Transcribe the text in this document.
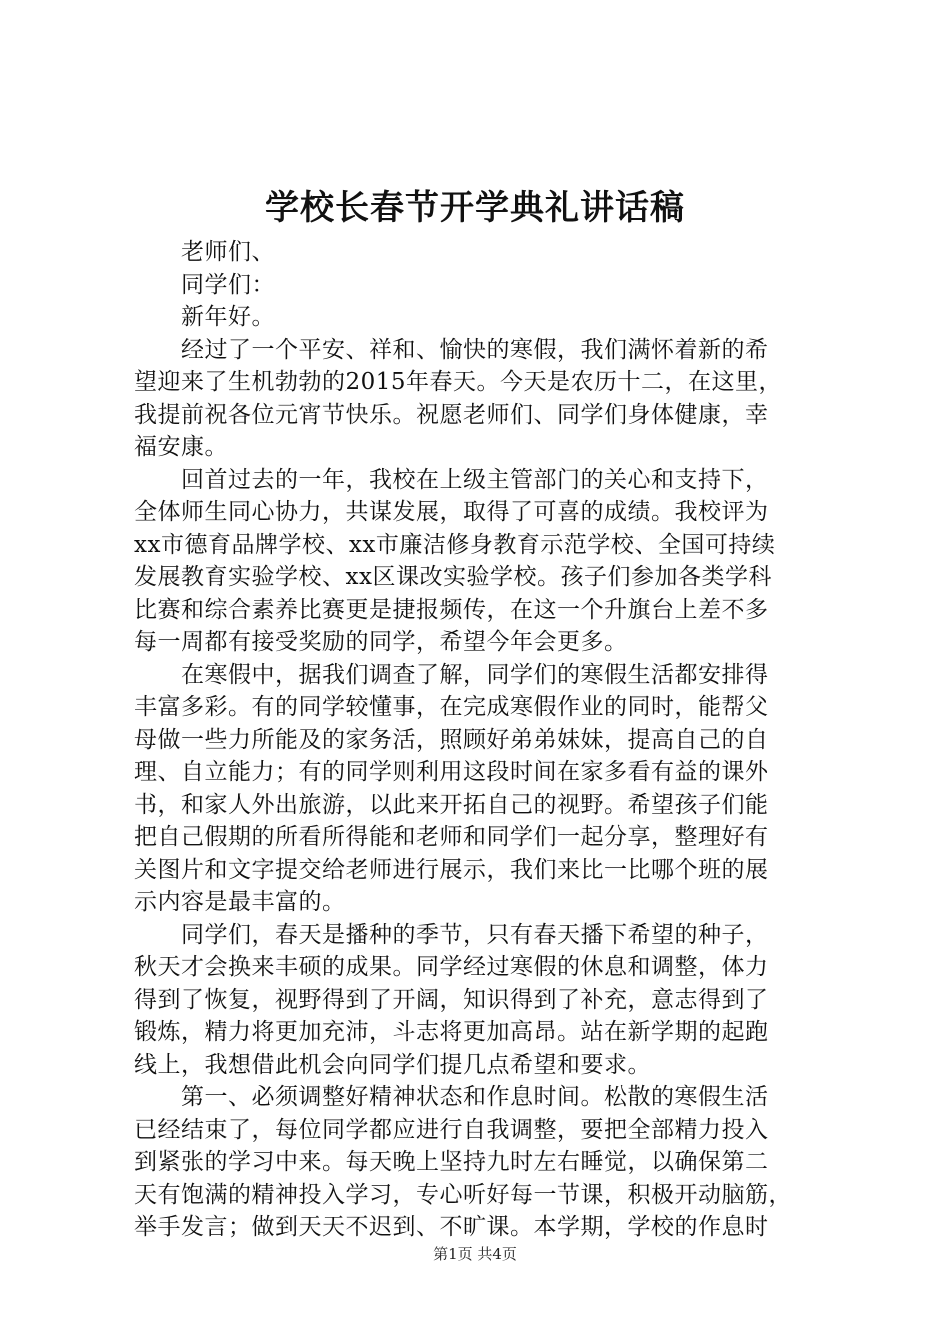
学校长春节开学典礼讲话稿
　　老师们、
　　同学们：
　　新年好。
　　经过了一个平安、祥和、愉快的寒假，我们满怀着新的希
望迎来了生机勃勃的2015年春天。今天是农历十二，在这里，
我提前祝各位元宵节快乐。祝愿老师们、同学们身体健康，幸
福安康。
　　回首过去的一年，我校在上级主管部门的关心和支持下，
全体师生同心协力，共谋发展，取得了可喜的成绩。我校评为
xx市德育品牌学校、xx市廉洁修身教育示范学校、全国可持续
发展教育实验学校、xx区课改实验学校。孩子们参加各类学科
比赛和综合素养比赛更是捷报频传，在这一个升旗台上差不多
每一周都有接受奖励的同学，希望今年会更多。
　　在寒假中，据我们调查了解，同学们的寒假生活都安排得
丰富多彩。有的同学较懂事，在完成寒假作业的同时，能帮父
母做一些力所能及的家务活，照顾好弟弟妹妹，提高自己的自
理、自立能力；有的同学则利用这段时间在家多看有益的课外
书，和家人外出旅游，以此来开拓自己的视野。希望孩子们能
把自己假期的所看所得能和老师和同学们一起分享，整理好有
关图片和文字提交给老师进行展示，我们来比一比哪个班的展
示内容是最丰富的。
　　同学们，春天是播种的季节，只有春天播下希望的种子，
秋天才会换来丰硕的成果。同学经过寒假的休息和调整，体力
得到了恢复，视野得到了开阔，知识得到了补充，意志得到了
锻炼，精力将更加充沛，斗志将更加高昂。站在新学期的起跑
线上，我想借此机会向同学们提几点希望和要求。
　　第一、必须调整好精神状态和作息时间。松散的寒假生活
已经结束了，每位同学都应进行自我调整，要把全部精力投入
到紧张的学习中来。每天晚上坚持九时左右睡觉，以确保第二
天有饱满的精神投入学习，专心听好每一节课，积极开动脑筋，
举手发言；做到天天不迟到、不旷课。本学期，学校的作息时
第1页 共4页
